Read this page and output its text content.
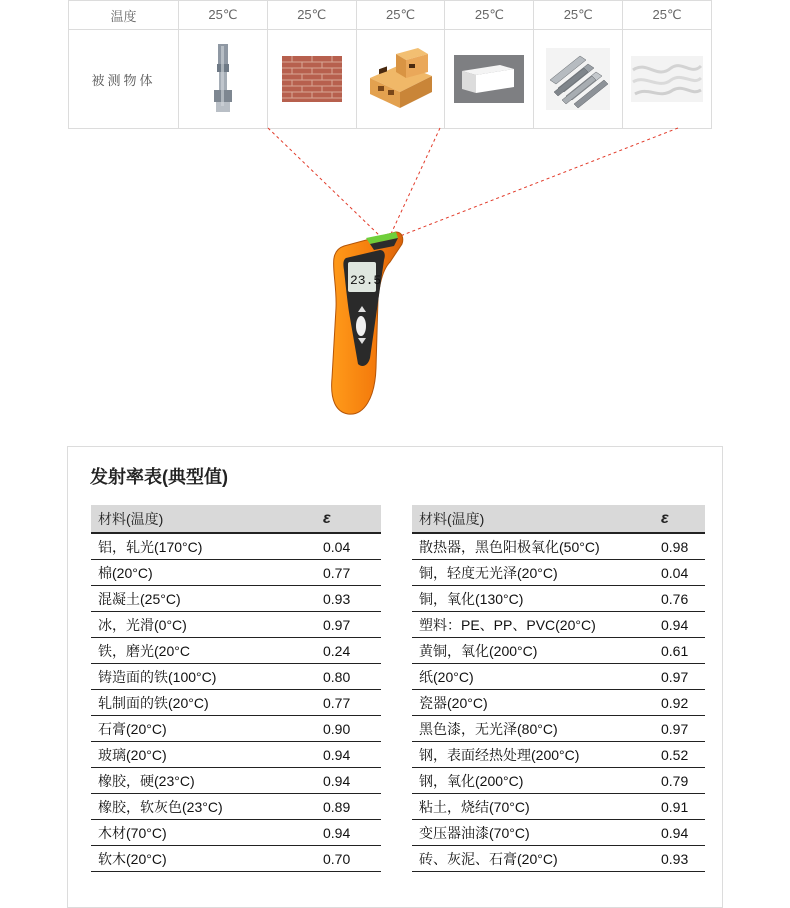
温度	25℃	25℃	25℃	25℃	25℃	25℃
被测物体	

23.5
发射率表(典型值)
材料(温度)	ε
铝，轧光(170°C)	0.04
棉(20°C)	0.77
混凝土(25°C)	0.93
冰，光滑(0°C)	0.97
铁，磨光(20°C	0.24
铸造面的铁(100°C)	0.80
轧制面的铁(20°C)	0.77
石膏(20°C)	0.90
玻璃(20°C)	0.94
橡胶，硬(23°C)	0.94
橡胶，软灰色(23°C)	0.89
木材(70°C)	0.94
软木(20°C)	0.70
材料(温度)	ε
散热器，黑色阳极氧化(50°C)	0.98
铜，轻度无光泽(20°C)	0.04
铜，氧化(130°C)	0.76
塑料：PE、PP、PVC(20°C)	0.94
黄铜，氧化(200°C)	0.61
纸(20°C)	0.97
瓷器(20°C)	0.92
黑色漆，无光泽(80°C)	0.97
钢，表面经热处理(200°C)	0.52
钢，氧化(200°C)	0.79
粘土，烧结(70°C)	0.91
变压器油漆(70°C)	0.94
砖、灰泥、石膏(20°C)	0.93
